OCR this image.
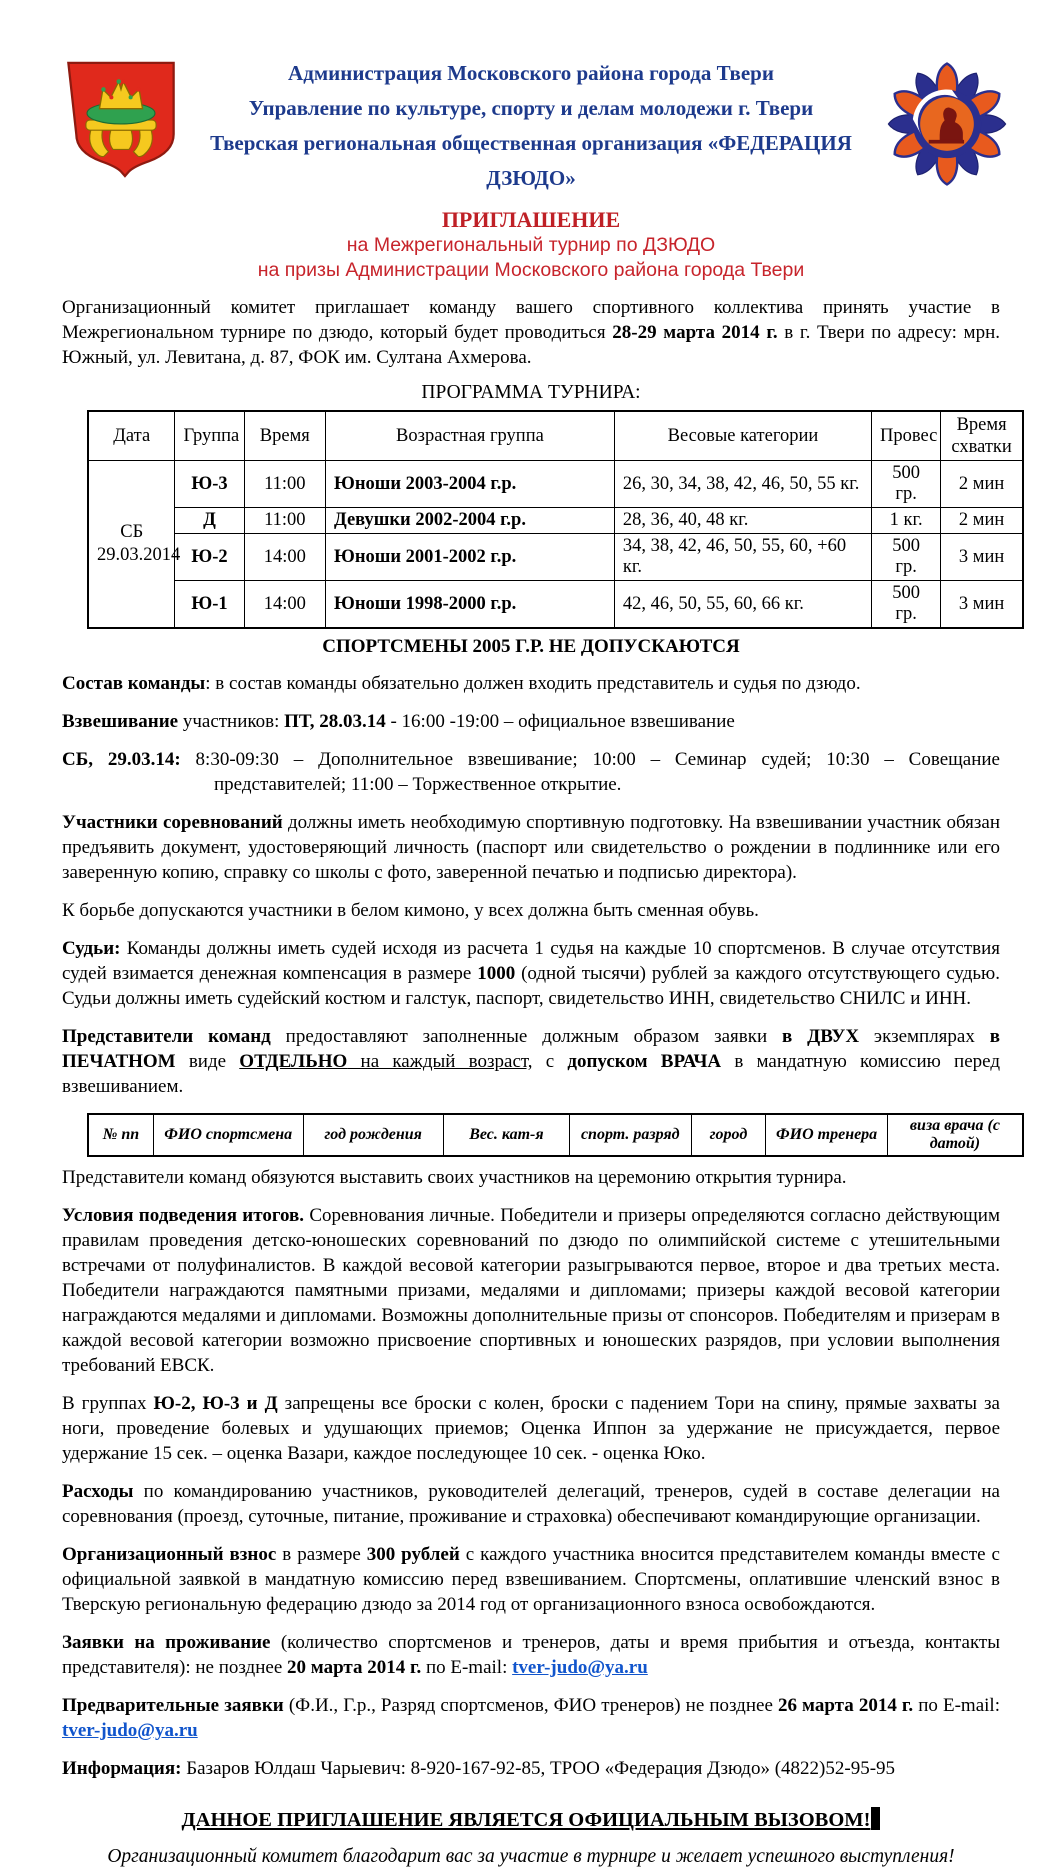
Администрация Московского района города Твери
Управление по культуре, спорту и делам молодежи г. Твери
Тверская региональная общественная организация «ФЕДЕРАЦИЯ ДЗЮДО»
ПРИГЛАШЕНИЕ
на Межрегиональный турнир по ДЗЮДО
на призы Администрации Московского района города Твери

Организационный комитет приглашает команду вашего спортивного коллектива принять участие в Межрегиональном турнире по дзюдо, который будет проводиться 28-29 марта 2014 г. в г. Твери по адресу: мрн. Южный, ул. Левитана, д. 87, ФОК им. Султана Ахмерова.

ПРОГРАММА ТУРНИРА:
Дата	Группа	Время	Возрастная группа	Весовые категории	Провес	Время схватки

СБ
29.03.2014	Ю-3	11:00	Юноши 2003-2004 г.р.	26, 30, 34, 38, 42, 46, 50, 55 кг.	500 гр.	2 мин
	Д	11:00	Девушки 2002-2004 г.р.	28, 36, 40, 48 кг.	1 кг.	2 мин
	Ю-2	14:00	Юноши 2001-2002 г.р.	34, 38, 42, 46, 50, 55, 60, +60 кг.	500 гр.	3 мин
	Ю-1	14:00	Юноши 1998-2000 г.р.	42, 46, 50, 55, 60, 66 кг.	500 гр.	3 мин

СПОРТСМЕНЫ 2005 Г.Р. НЕ ДОПУСКАЮТСЯ

Состав команды: в состав команды обязательно должен входить представитель и судья по дзюдо.

Взвешивание участников: ПТ, 28.03.14 - 16:00 -19:00 – официальное взвешивание

СБ, 29.03.14: 8:30-09:30 – Дополнительное взвешивание; 10:00 – Семинар судей; 10:30 – Совещание представителей; 11:00 – Торжественное открытие.

Участники соревнований должны иметь необходимую спортивную подготовку. На взвешивании участник обязан предъявить документ, удостоверяющий личность (паспорт или свидетельство о рождении в подлиннике или его заверенную копию, справку со школы с фото, заверенной печатью и подписью директора).

К борьбе допускаются участники в белом кимоно, у всех должна быть сменная обувь.

Судьи: Команды должны иметь судей исходя из расчета 1 судья на каждые 10 спортсменов. В случае отсутствия судей взимается денежная компенсация в размере 1000 (одной тысячи) рублей за каждого отсутствующего судью. Судьи должны иметь судейский костюм и галстук, паспорт, свидетельство ИНН, свидетельство СНИЛС и ИНН.

Представители команд предоставляют заполненные должным образом заявки в ДВУХ экземплярах в ПЕЧАТНОМ виде ОТДЕЛЬНО на каждый возраст, с допуском ВРАЧА в мандатную комиссию перед взвешиванием.

№ пп	ФИО спортсмена	год рождения	Вес. кат-я	спорт. разряд	город	ФИО тренера	виза врача (с датой)

Представители команд обязуются выставить своих участников на церемонию открытия турнира.

Условия подведения итогов. Соревнования личные. Победители и призеры определяются согласно действующим правилам проведения детско-юношеских соревнований по дзюдо по олимпийской системе с утешительными встречами от полуфиналистов. В каждой весовой категории разыгрываются первое, второе и два третьих места. Победители награждаются памятными призами, медалями и дипломами; призеры каждой весовой категории награждаются медалями и дипломами. Возможны дополнительные призы от спонсоров. Победителям и призерам в каждой весовой категории возможно присвоение спортивных и юношеских разрядов, при условии выполнения требований ЕВСК.

В группах Ю-2, Ю-3 и Д запрещены все броски с колен, броски с падением Тори на спину, прямые захваты за ноги, проведение болевых и удушающих приемов; Оценка Иппон за удержание не присуждается, первое удержание 15 сек. – оценка Вазари, каждое последующее 10 сек. - оценка Юко.

Расходы по командированию участников, руководителей делегаций, тренеров, судей в составе делегации на соревнования (проезд, суточные, питание, проживание и страховка) обеспечивают командирующие организации.

Организационный взнос в размере 300 рублей с каждого участника вносится представителем команды вместе с официальной заявкой в мандатную комиссию перед взвешиванием. Спортсмены, оплатившие членский взнос в Тверскую региональную федерацию дзюдо за 2014 год от организационного взноса освобождаются.

Заявки на проживание (количество спортсменов и тренеров, даты и время прибытия и отъезда, контакты представителя): не позднее 20 марта 2014 г. по E-mail: tver-judo@ya.ru

Предварительные заявки (Ф.И., Г.р., Разряд спортсменов, ФИО тренеров) не позднее 26 марта 2014 г. по E-mail: tver-judo@ya.ru

Информация: Базаров Юлдаш Чарыевич: 8-920-167-92-85, ТРОО «Федерация Дзюдо» (4822)52-95-95

ДАННОЕ ПРИГЛАШЕНИЕ ЯВЛЯЕТСЯ ОФИЦИАЛЬНЫМ ВЫЗОВОМ!

Организационный комитет благодарит вас за участие в турнире и желает успешного выступления!
